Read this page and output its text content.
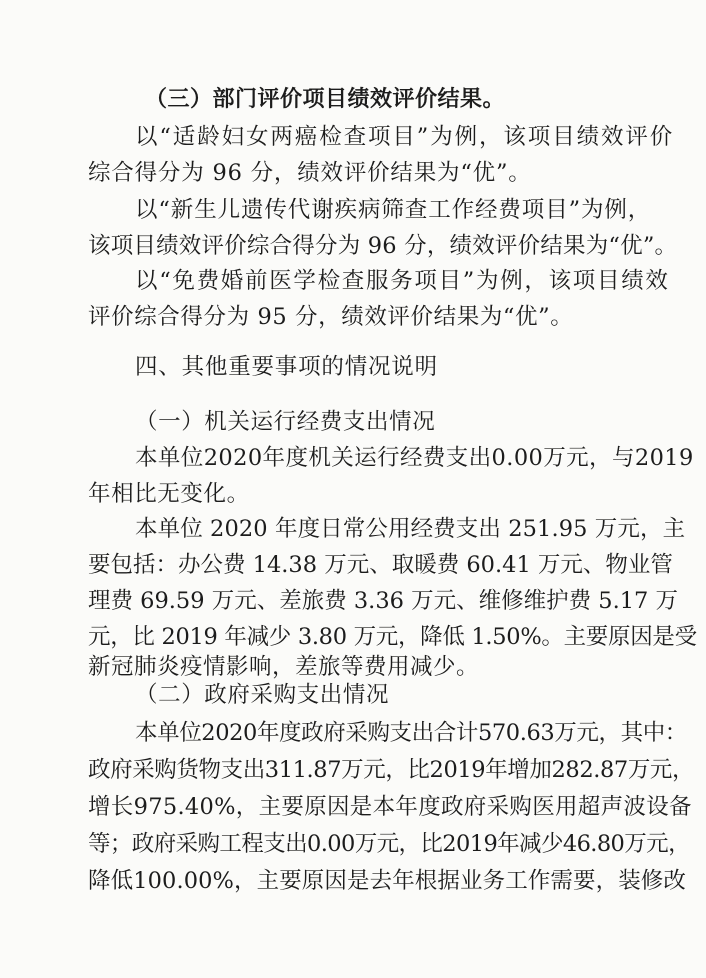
（三）部门评价项目绩效评价结果。
以“适龄妇女两癌检查项目”为例，该项目绩效评价
综合得分为 96 分，绩效评价结果为“优”。
以“新生儿遗传代谢疾病筛查工作经费项目”为例，
该项目绩效评价综合得分为 96 分，绩效评价结果为“优”。
以“免费婚前医学检查服务项目”为例，该项目绩效
评价综合得分为 95 分，绩效评价结果为“优”。
四、其他重要事项的情况说明
（一）机关运行经费支出情况
本单位2020年度机关运行经费支出0.00万元，与2019
年相比无变化。
本单位 2020 年度日常公用经费支出 251.95 万元，主
要包括：办公费 14.38 万元、取暖费 60.41 万元、物业管
理费 69.59 万元、差旅费 3.36 万元、维修维护费 5.17 万
元，比 2019 年减少 3.80 万元，降低 1.50%。主要原因是受
新冠肺炎疫情影响，差旅等费用减少。
（二）政府采购支出情况
本单位2020年度政府采购支出合计570.63万元，其中：
政府采购货物支出311.87万元，比2019年增加282.87万元，
增长975.40%，主要原因是本年度政府采购医用超声波设备
等；政府采购工程支出0.00万元，比2019年减少46.80万元，
降低100.00%，主要原因是去年根据业务工作需要，装修改
